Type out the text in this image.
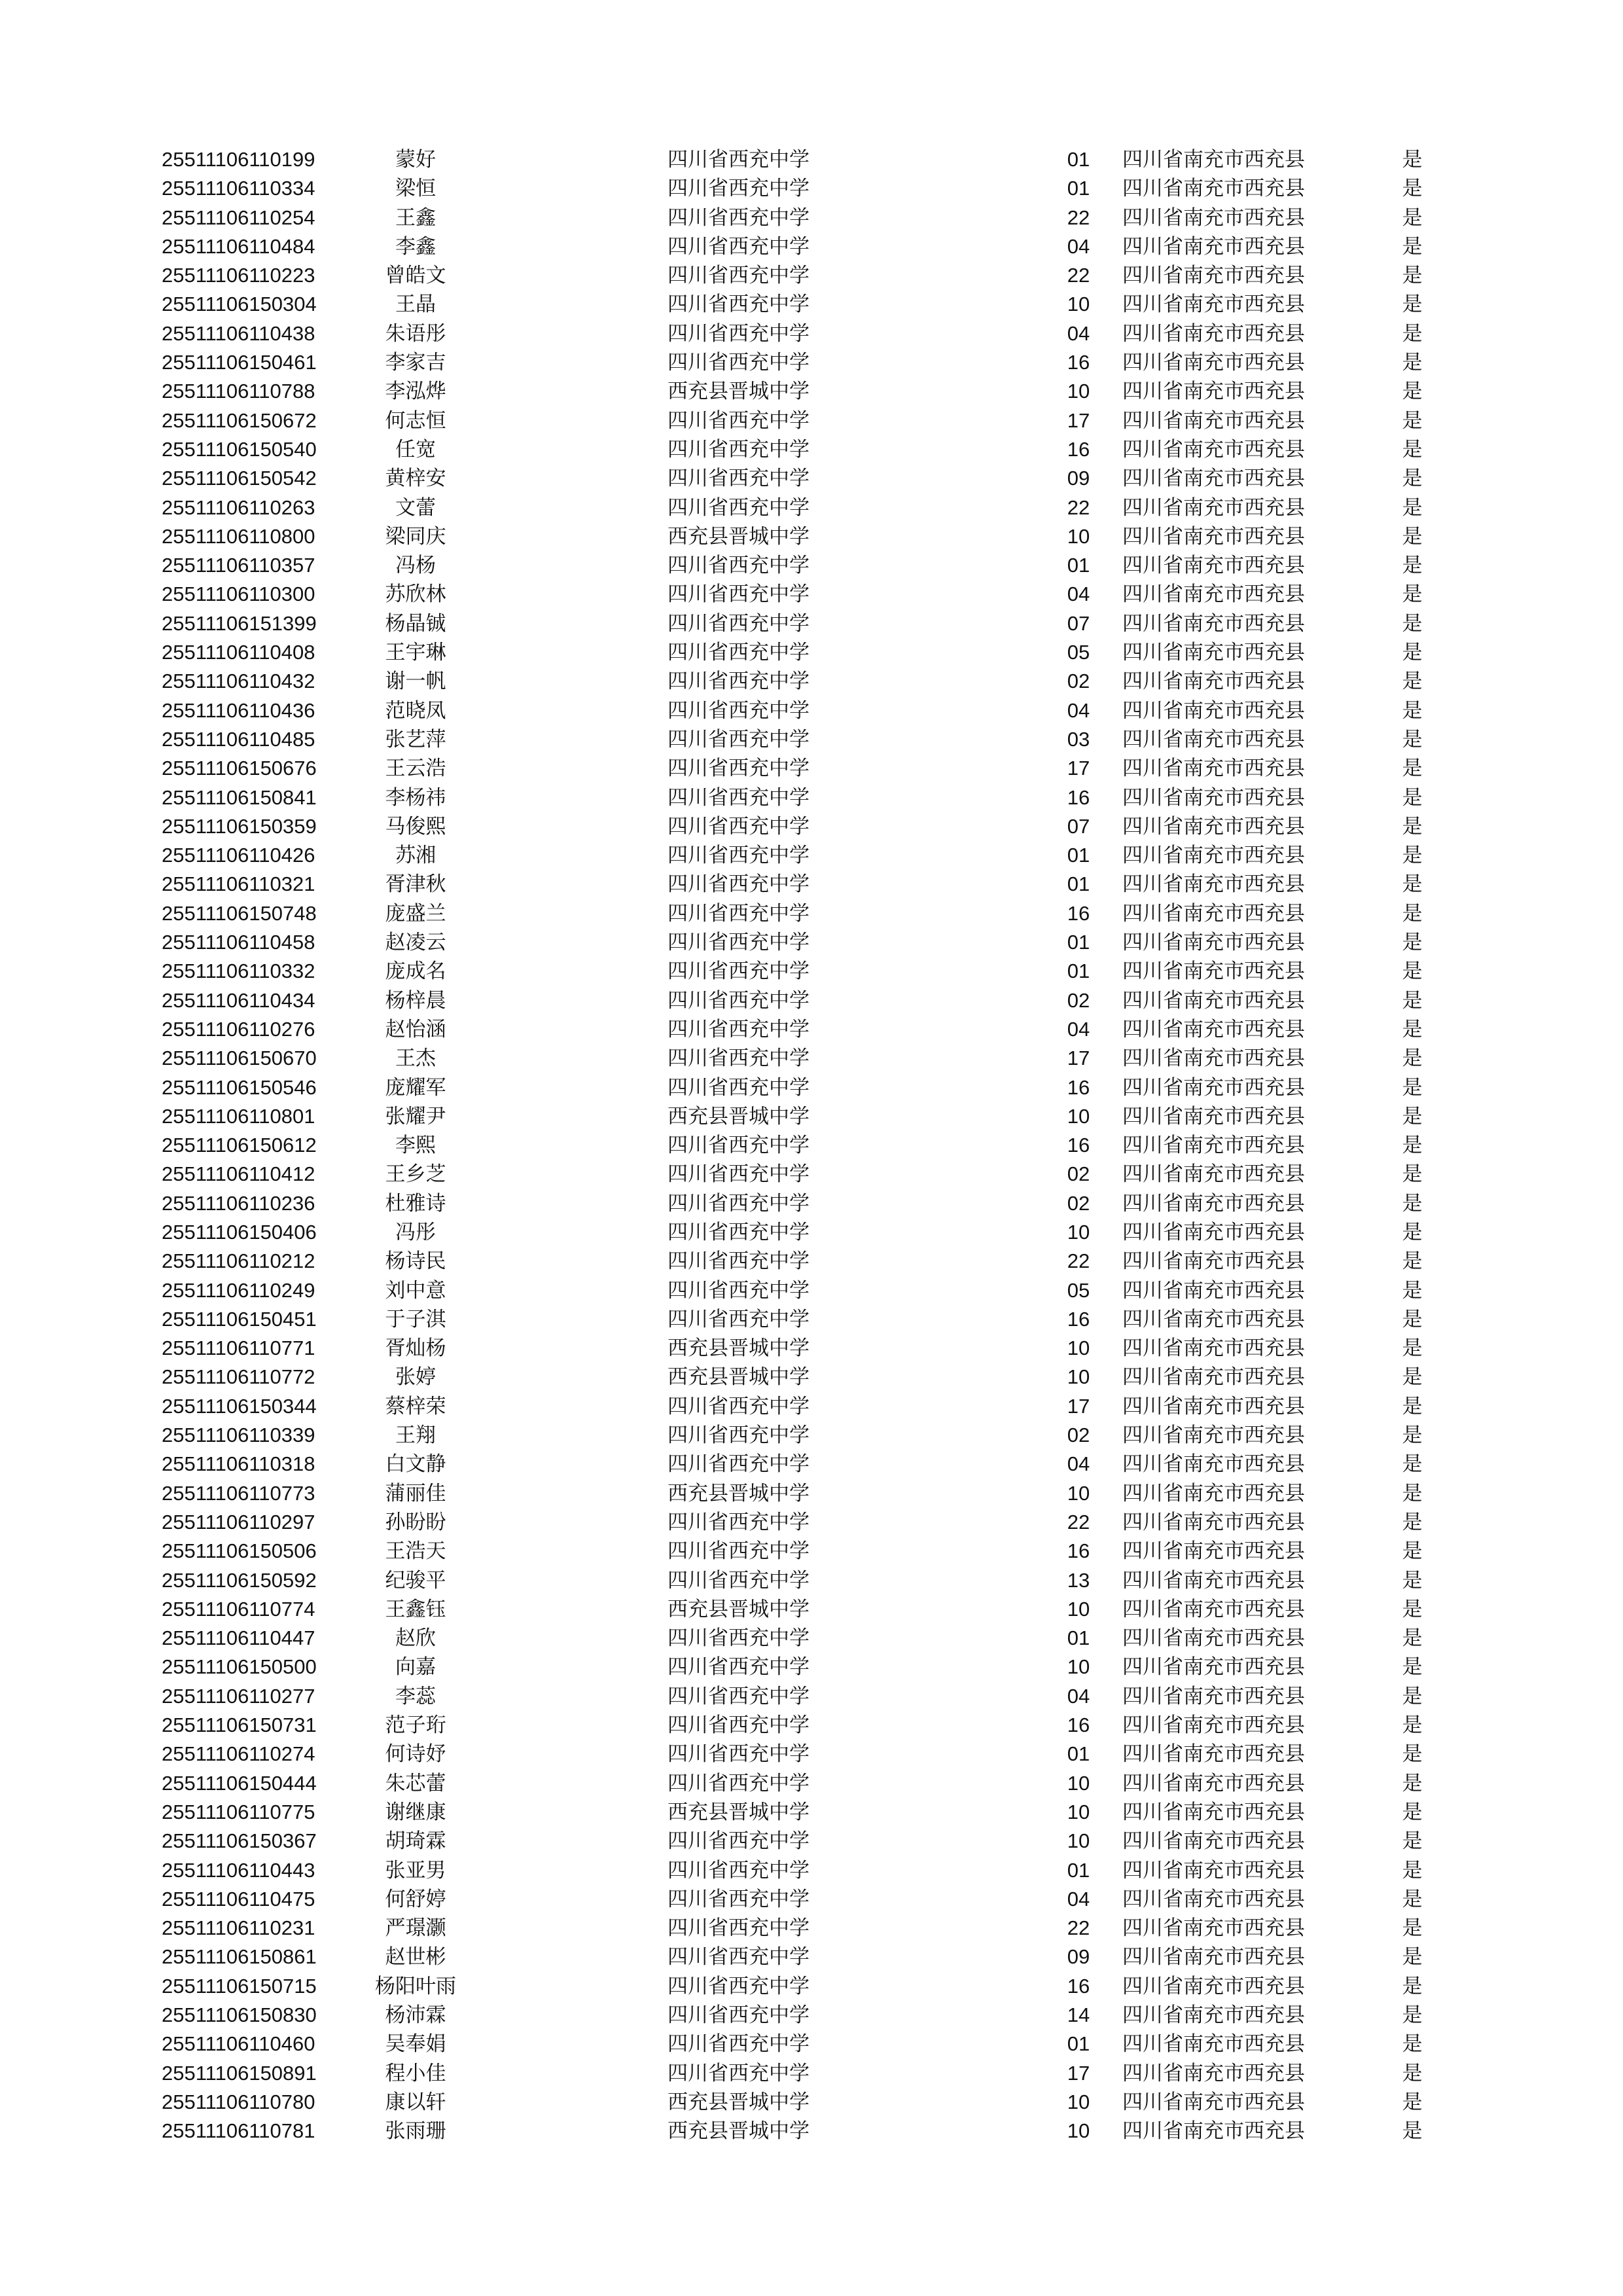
25511106110199	蒙好	四川省西充中学	01	四川省南充市西充县	是
25511106110334	梁恒	四川省西充中学	01	四川省南充市西充县	是
25511106110254	王鑫	四川省西充中学	22	四川省南充市西充县	是
25511106110484	李鑫	四川省西充中学	04	四川省南充市西充县	是
25511106110223	曾皓文	四川省西充中学	22	四川省南充市西充县	是
25511106150304	王晶	四川省西充中学	10	四川省南充市西充县	是
25511106110438	朱语彤	四川省西充中学	04	四川省南充市西充县	是
25511106150461	李家吉	四川省西充中学	16	四川省南充市西充县	是
25511106110788	李泓烨	西充县晋城中学	10	四川省南充市西充县	是
25511106150672	何志恒	四川省西充中学	17	四川省南充市西充县	是
25511106150540	任宽	四川省西充中学	16	四川省南充市西充县	是
25511106150542	黄梓安	四川省西充中学	09	四川省南充市西充县	是
25511106110263	文蕾	四川省西充中学	22	四川省南充市西充县	是
25511106110800	梁同庆	西充县晋城中学	10	四川省南充市西充县	是
25511106110357	冯杨	四川省西充中学	01	四川省南充市西充县	是
25511106110300	苏欣林	四川省西充中学	04	四川省南充市西充县	是
25511106151399	杨晶铖	四川省西充中学	07	四川省南充市西充县	是
25511106110408	王宇琳	四川省西充中学	05	四川省南充市西充县	是
25511106110432	谢一帆	四川省西充中学	02	四川省南充市西充县	是
25511106110436	范晓凤	四川省西充中学	04	四川省南充市西充县	是
25511106110485	张艺萍	四川省西充中学	03	四川省南充市西充县	是
25511106150676	王云浩	四川省西充中学	17	四川省南充市西充县	是
25511106150841	李杨祎	四川省西充中学	16	四川省南充市西充县	是
25511106150359	马俊熙	四川省西充中学	07	四川省南充市西充县	是
25511106110426	苏湘	四川省西充中学	01	四川省南充市西充县	是
25511106110321	胥津秋	四川省西充中学	01	四川省南充市西充县	是
25511106150748	庞盛兰	四川省西充中学	16	四川省南充市西充县	是
25511106110458	赵凌云	四川省西充中学	01	四川省南充市西充县	是
25511106110332	庞成名	四川省西充中学	01	四川省南充市西充县	是
25511106110434	杨梓晨	四川省西充中学	02	四川省南充市西充县	是
25511106110276	赵怡涵	四川省西充中学	04	四川省南充市西充县	是
25511106150670	王杰	四川省西充中学	17	四川省南充市西充县	是
25511106150546	庞耀军	四川省西充中学	16	四川省南充市西充县	是
25511106110801	张耀尹	西充县晋城中学	10	四川省南充市西充县	是
25511106150612	李熙	四川省西充中学	16	四川省南充市西充县	是
25511106110412	王乡芝	四川省西充中学	02	四川省南充市西充县	是
25511106110236	杜雅诗	四川省西充中学	02	四川省南充市西充县	是
25511106150406	冯彤	四川省西充中学	10	四川省南充市西充县	是
25511106110212	杨诗民	四川省西充中学	22	四川省南充市西充县	是
25511106110249	刘中意	四川省西充中学	05	四川省南充市西充县	是
25511106150451	于子淇	四川省西充中学	16	四川省南充市西充县	是
25511106110771	胥灿杨	西充县晋城中学	10	四川省南充市西充县	是
25511106110772	张婷	西充县晋城中学	10	四川省南充市西充县	是
25511106150344	蔡梓荣	四川省西充中学	17	四川省南充市西充县	是
25511106110339	王翔	四川省西充中学	02	四川省南充市西充县	是
25511106110318	白文静	四川省西充中学	04	四川省南充市西充县	是
25511106110773	蒲丽佳	西充县晋城中学	10	四川省南充市西充县	是
25511106110297	孙盼盼	四川省西充中学	22	四川省南充市西充县	是
25511106150506	王浩天	四川省西充中学	16	四川省南充市西充县	是
25511106150592	纪骏平	四川省西充中学	13	四川省南充市西充县	是
25511106110774	王鑫钰	西充县晋城中学	10	四川省南充市西充县	是
25511106110447	赵欣	四川省西充中学	01	四川省南充市西充县	是
25511106150500	向嘉	四川省西充中学	10	四川省南充市西充县	是
25511106110277	李蕊	四川省西充中学	04	四川省南充市西充县	是
25511106150731	范子珩	四川省西充中学	16	四川省南充市西充县	是
25511106110274	何诗妤	四川省西充中学	01	四川省南充市西充县	是
25511106150444	朱芯蕾	四川省西充中学	10	四川省南充市西充县	是
25511106110775	谢继康	西充县晋城中学	10	四川省南充市西充县	是
25511106150367	胡琦霖	四川省西充中学	10	四川省南充市西充县	是
25511106110443	张亚男	四川省西充中学	01	四川省南充市西充县	是
25511106110475	何舒婷	四川省西充中学	04	四川省南充市西充县	是
25511106110231	严璟灏	四川省西充中学	22	四川省南充市西充县	是
25511106150861	赵世彬	四川省西充中学	09	四川省南充市西充县	是
25511106150715	杨阳叶雨	四川省西充中学	16	四川省南充市西充县	是
25511106150830	杨沛霖	四川省西充中学	14	四川省南充市西充县	是
25511106110460	吴奉娟	四川省西充中学	01	四川省南充市西充县	是
25511106150891	程小佳	四川省西充中学	17	四川省南充市西充县	是
25511106110780	康以轩	西充县晋城中学	10	四川省南充市西充县	是
25511106110781	张雨珊	西充县晋城中学	10	四川省南充市西充县	是
